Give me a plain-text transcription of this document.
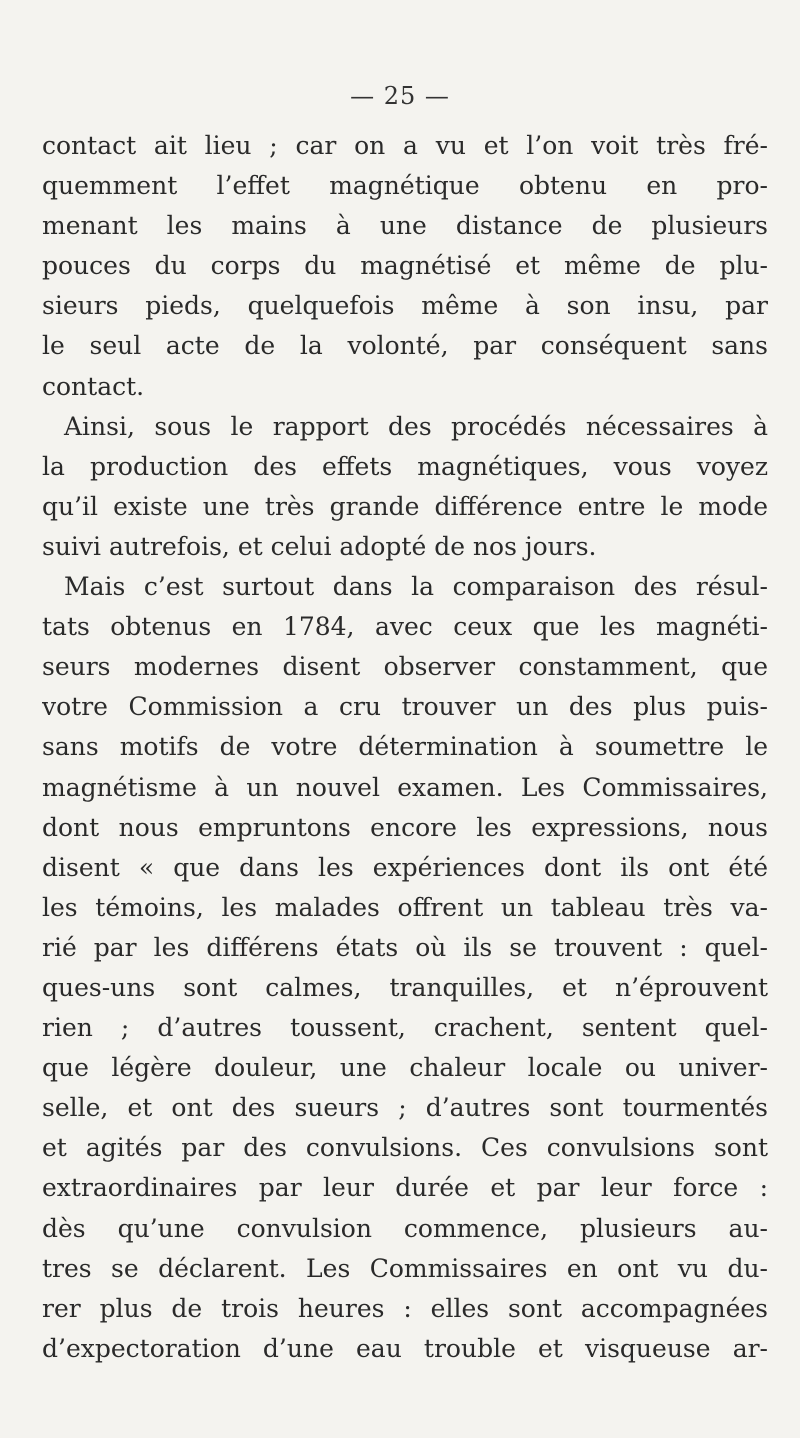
— 25 —
contact ait lieu ; car on a vu et l’on voit très fré-
quemment l’effet magnétique obtenu en pro-
menant les mains à une distance de plusieurs
pouces du corps du magnétisé et même de plu-
sieurs pieds, quelquefois même à son insu, par
le seul acte de la volonté, par conséquent sans
contact.
Ainsi, sous le rapport des procédés nécessaires à
la production des effets magnétiques, vous voyez
qu’il existe une très grande différence entre le mode
suivi autrefois, et celui adopté de nos jours.
Mais c’est surtout dans la comparaison des résul-
tats obtenus en 1784, avec ceux que les magnéti-
seurs modernes disent observer constamment, que
votre Commission a cru trouver un des plus puis-
sans motifs de votre détermination à soumettre le
magnétisme à un nouvel examen. Les Commissaires,
dont nous empruntons encore les expressions, nous
disent « que dans les expériences dont ils ont été
les témoins, les malades offrent un tableau très va-
rié par les différens états où ils se trouvent : quel-
ques-uns sont calmes, tranquilles, et n’éprouvent
rien ; d’autres toussent, crachent, sentent quel-
que légère douleur, une chaleur locale ou univer-
selle, et ont des sueurs ; d’autres sont tourmentés
et agités par des convulsions. Ces convulsions sont
extraordinaires par leur durée et par leur force :
dès qu’une convulsion commence, plusieurs au-
tres se déclarent. Les Commissaires en ont vu du-
rer plus de trois heures : elles sont accompagnées
d’expectoration d’une eau trouble et visqueuse ar-
